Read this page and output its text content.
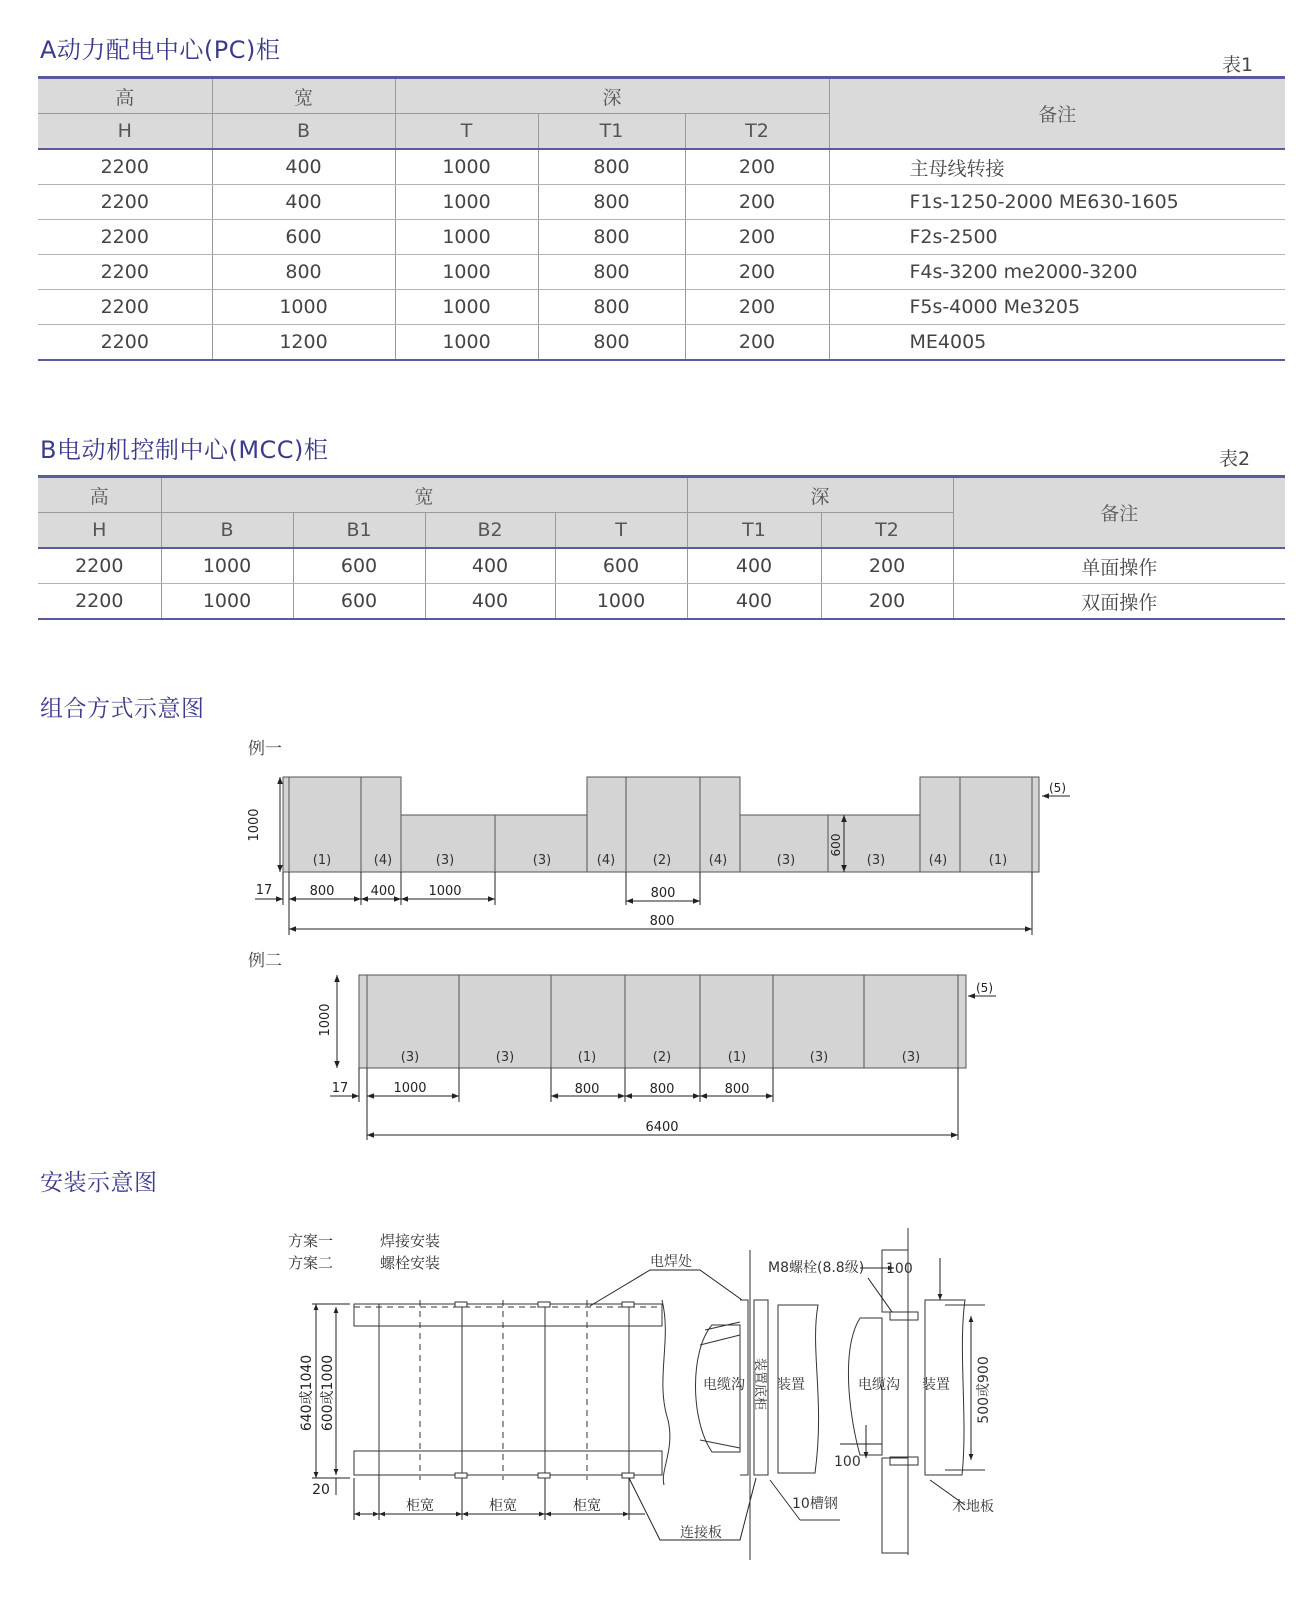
A动力配电中心(PC)柜
表1
高	宽	深			备注
H	B	T	T1	T2	
2200	400	1000	800	200	主母线转接
2200	400	1000	800	200	F1s-1250-2000 ME630-1605
2200	600	1000	800	200	F2s-2500
2200	800	1000	800	200	F4s-3200 me2000-3200
2200	1000	1000	800	200	F5s-4000 Me3205
2200	1200	1000	800	200	ME4005
B电动机控制中心(MCC)柜	表2
高	宽				深		备注
H	B	B1	B2	T	T1	T2	
2200	1000	600	400	600	400	200	单面操作
2200	1000	600	400	1000	400	200	双面操作
组合方式示意图
例一
(1)	(4)	(3)	(3)	(4)	(2)	(4)	(3)	(3)	(4)	(1)
1000
600
(5)
17	800	400	1000	800
800
例二
(3)	(3)	(1)	(2)	(1)	(3)	(3)
1000
(5)
17	1000	800	800	800
6400
安装示意图
方案一	焊接安装
方案二	螺栓安装
640或1040 600或1000
20
柜宽	柜宽	柜宽
电焊处
连接板
电缆沟 装置
装置底柜
10槽钢
M8螺栓(8.8级) 100
100
电缆沟 装置 500或900
木地板
